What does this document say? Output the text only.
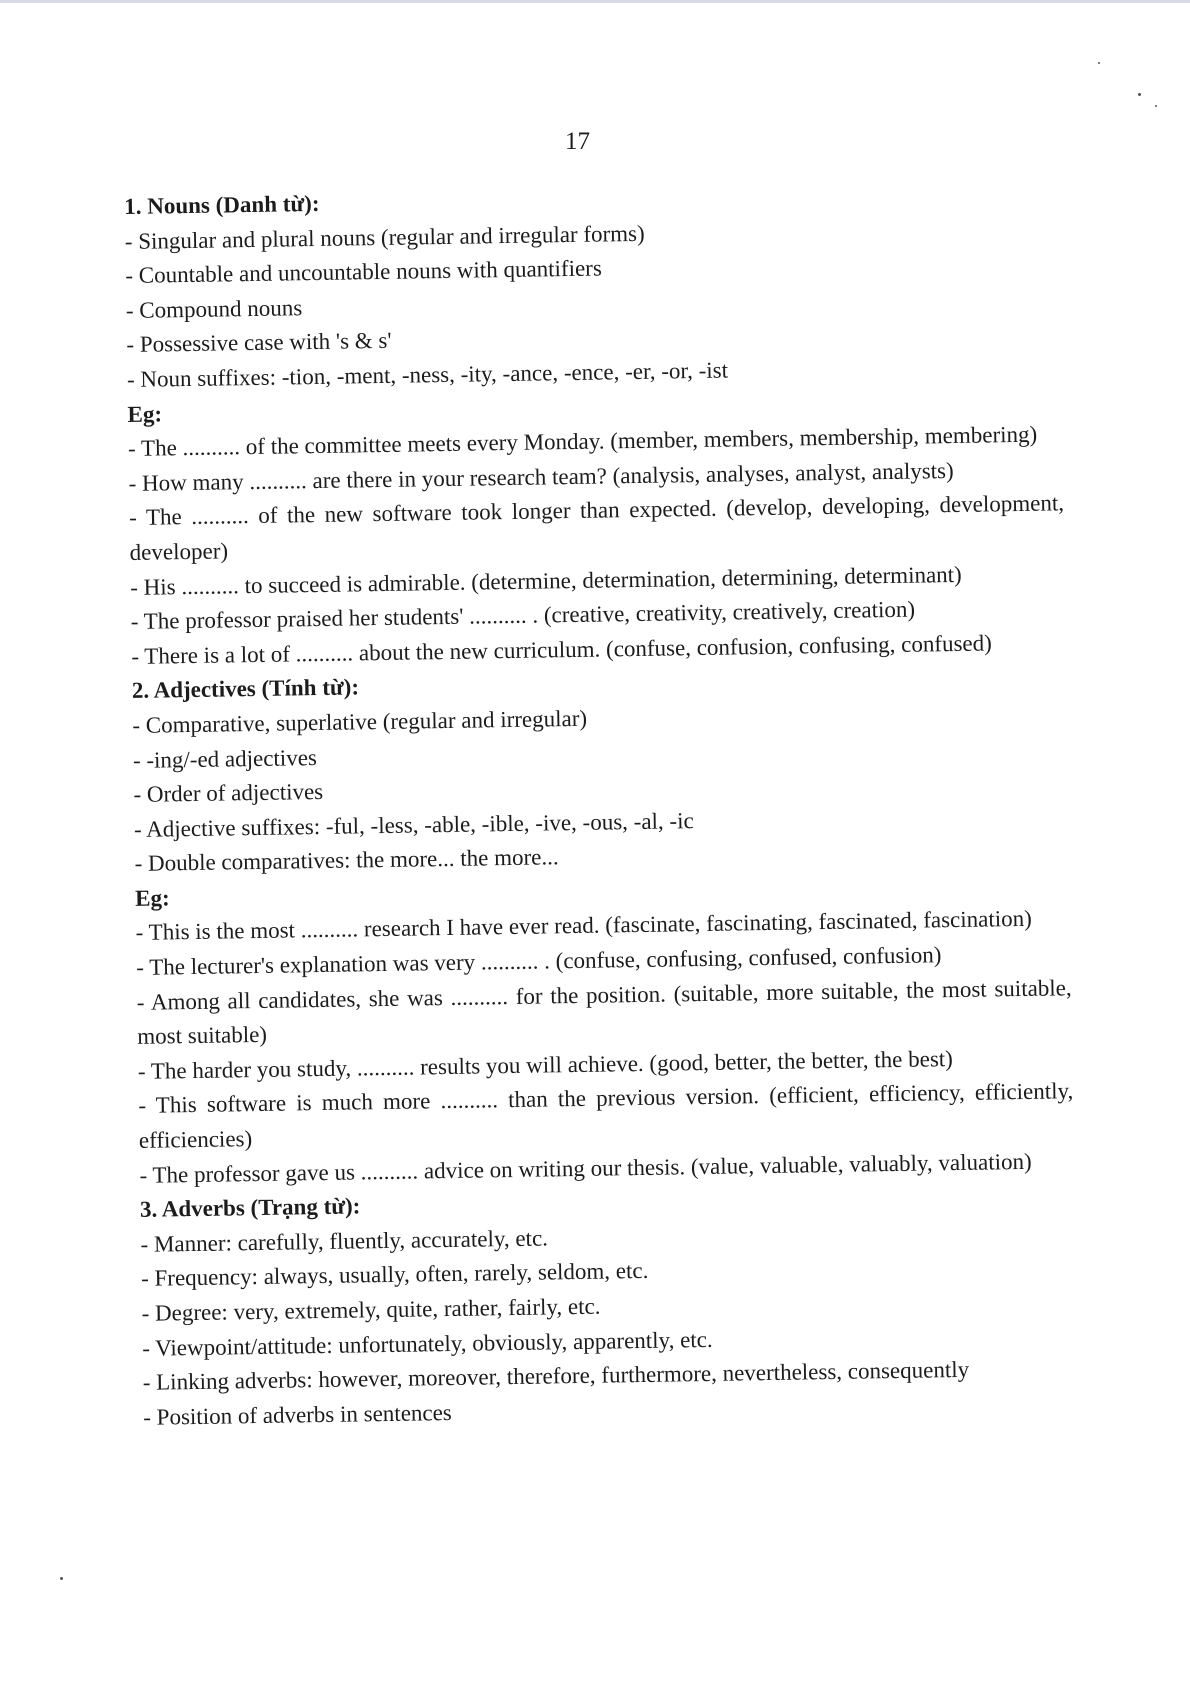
17
1. Nouns (Danh từ):
- Singular and plural nouns (regular and irregular forms)
- Countable and uncountable nouns with quantifiers
- Compound nouns
- Possessive case with 's & s'
- Noun suffixes: -tion, -ment, -ness, -ity, -ance, -ence, -er, -or, -ist
Eg:
- The .......... of the committee meets every Monday. (member, members, membership, membering)
- How many .......... are there in your research team? (analysis, analyses, analyst, analysts)
- The .......... of the new software took longer than expected. (develop, developing, development, developer)
- His .......... to succeed is admirable. (determine, determination, determining, determinant)
- The professor praised her students' .......... . (creative, creativity, creatively, creation)
- There is a lot of .......... about the new curriculum. (confuse, confusion, confusing, confused)
2. Adjectives (Tính từ):
- Comparative, superlative (regular and irregular)
- -ing/-ed adjectives
- Order of adjectives
- Adjective suffixes: -ful, -less, -able, -ible, -ive, -ous, -al, -ic
- Double comparatives: the more... the more...
Eg:
- This is the most .......... research I have ever read. (fascinate, fascinating, fascinated, fascination)
- The lecturer's explanation was very .......... . (confuse, confusing, confused, confusion)
- Among all candidates, she was .......... for the position. (suitable, more suitable, the most suitable, most suitable)
- The harder you study, .......... results you will achieve. (good, better, the better, the best)
- This software is much more .......... than the previous version. (efficient, efficiency, efficiently, efficiencies)
- The professor gave us .......... advice on writing our thesis. (value, valuable, valuably, valuation)
3. Adverbs (Trạng từ):
- Manner: carefully, fluently, accurately, etc.
- Frequency: always, usually, often, rarely, seldom, etc.
- Degree: very, extremely, quite, rather, fairly, etc.
- Viewpoint/attitude: unfortunately, obviously, apparently, etc.
- Linking adverbs: however, moreover, therefore, furthermore, nevertheless, consequently
- Position of adverbs in sentences
